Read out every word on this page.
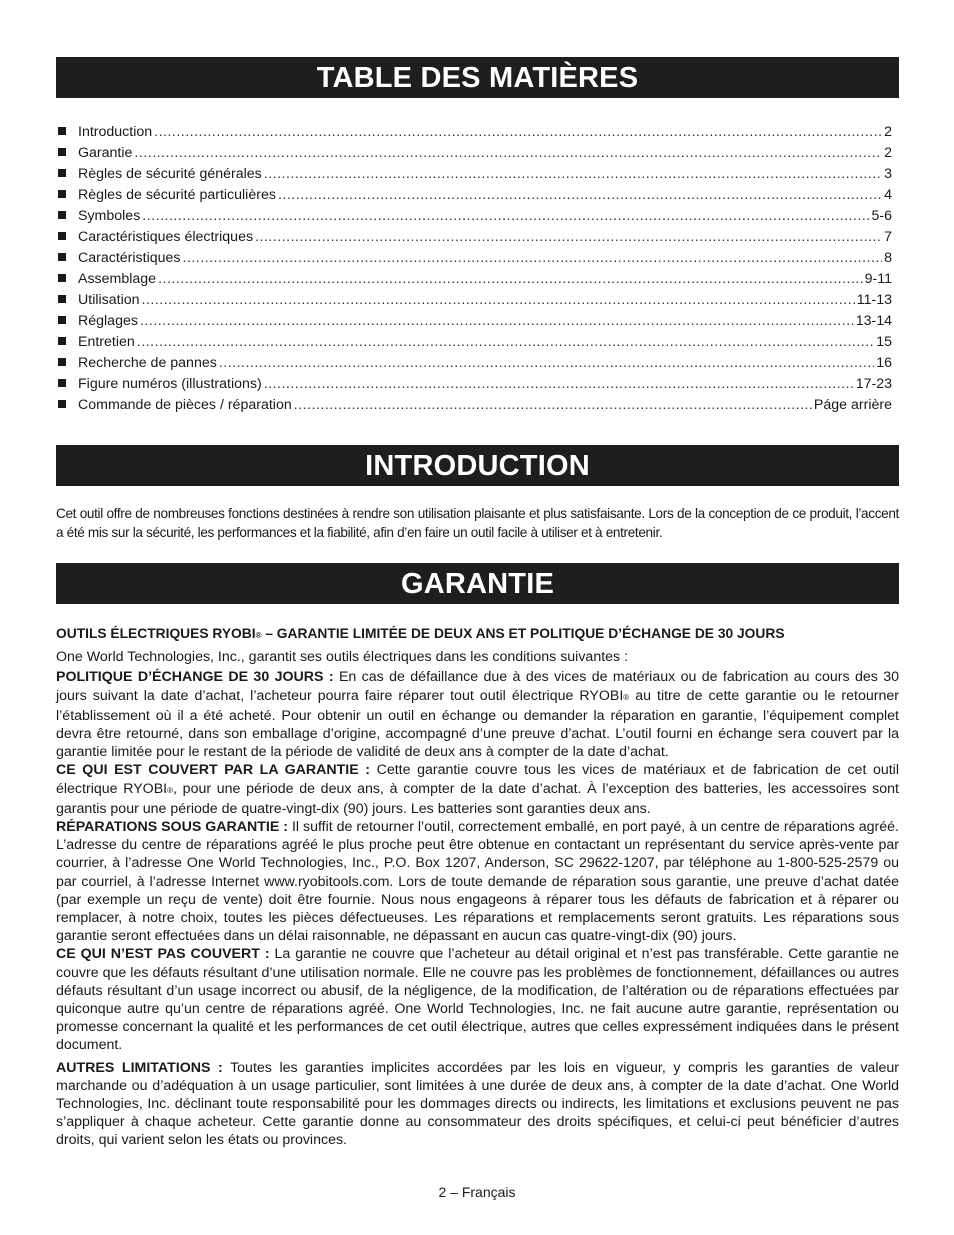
TABLE DES MATIÈRES
Introduction .....	2
Garantie .....	2
Règles de sécurité générales .....	3
Règles de sécurité particulières .....	4
Symboles .....	5-6
Caractéristiques électriques .....	7
Caractéristiques .....	8
Assemblage .....	9-11
Utilisation .....	11-13
Réglages .....	13-14
Entretien .....	15
Recherche de pannes .....	16
Figure numéros (illustrations) .....	17-23
Commande de pièces / réparation .....	Páge arrière
INTRODUCTION

Cet outil offre de nombreuses fonctions destinées à rendre son utilisation plaisante et plus satisfaisante. Lors de la conception de ce produit, l’accent a été mis sur la sécurité, les performances et la fiabilité, afin d’en faire un outil facile à utiliser et à entretenir.

GARANTIE

OUTILS ÉLECTRIQUES RYOBI® – GARANTIE LIMITÉE DE DEUX ANS ET POLITIQUE D’ÉCHANGE DE 30 JOURS

One World Technologies, Inc., garantit ses outils électriques dans les conditions suivantes :

POLITIQUE D’ÉCHANGE DE 30 JOURS : En cas de défaillance due à des vices de matériaux ou de fabrication au cours des 30 jours suivant la date d’achat, l’acheteur pourra faire réparer tout outil électrique RYOBI® au titre de cette garantie ou le retourner l’établissement où il a été acheté. Pour obtenir un outil en échange ou demander la réparation en garantie, l’équipement complet devra être retourné, dans son emballage d’origine, accompagné d’une preuve d’achat. L’outil fourni en échange sera couvert par la garantie limitée pour le restant de la période de validité de deux ans à compter de la date d’achat.

CE QUI EST COUVERT PAR LA GARANTIE : Cette garantie couvre tous les vices de matériaux et de fabrication de cet outil électrique RYOBI®, pour une période de deux ans, à compter de la date d’achat. À l’exception des batteries, les accessoires sont garantis pour une période de quatre-vingt-dix (90) jours. Les batteries sont garanties deux ans.

RÉPARATIONS SOUS GARANTIE : Il suffit de retourner l’outil, correctement emballé, en port payé, à un centre de réparations agréé. L’adresse du centre de réparations agréé le plus proche peut être obtenue en contactant un représentant du service après-vente par courrier, à l’adresse One World Technologies, Inc., P.O. Box 1207, Anderson, SC 29622-1207, par téléphone au 1-800-525-2579 ou par courriel, à l’adresse Internet www.ryobitools.com. Lors de toute demande de réparation sous garantie, une preuve d’achat datée (par exemple un reçu de vente) doit être fournie. Nous nous engageons à réparer tous les défauts de fabrication et à réparer ou remplacer, à notre choix, toutes les pièces défectueuses. Les réparations et remplacements seront gratuits. Les réparations sous garantie seront effectuées dans un délai raisonnable, ne dépassant en aucun cas quatre-vingt-dix (90) jours.

CE QUI N’EST PAS COUVERT : La garantie ne couvre que l’acheteur au détail original et n’est pas transférable. Cette garantie ne couvre que les défauts résultant d’une utilisation normale. Elle ne couvre pas les problèmes de fonctionnement, défaillances ou autres défauts résultant d’un usage incorrect ou abusif, de la négligence, de la modification, de l’altération ou de réparations effectuées par quiconque autre qu’un centre de réparations agréé. One World Technologies, Inc. ne fait aucune autre garantie, représentation ou promesse concernant la qualité et les performances de cet outil électrique, autres que celles expressément indiquées dans le présent document.

AUTRES LIMITATIONS : Toutes les garanties implicites accordées par les lois en vigueur, y compris les garanties de valeur marchande ou d’adéquation à un usage particulier, sont limitées à une durée de deux ans, à compter de la date d’achat. One World Technologies, Inc. déclinant toute responsabilité pour les dommages directs ou indirects, les limitations et exclusions peuvent ne pas s’appliquer à chaque acheteur. Cette garantie donne au consommateur des droits spécifiques, et celui-ci peut bénéficier d’autres droits, qui varient selon les états ou provinces.

2 – Français
